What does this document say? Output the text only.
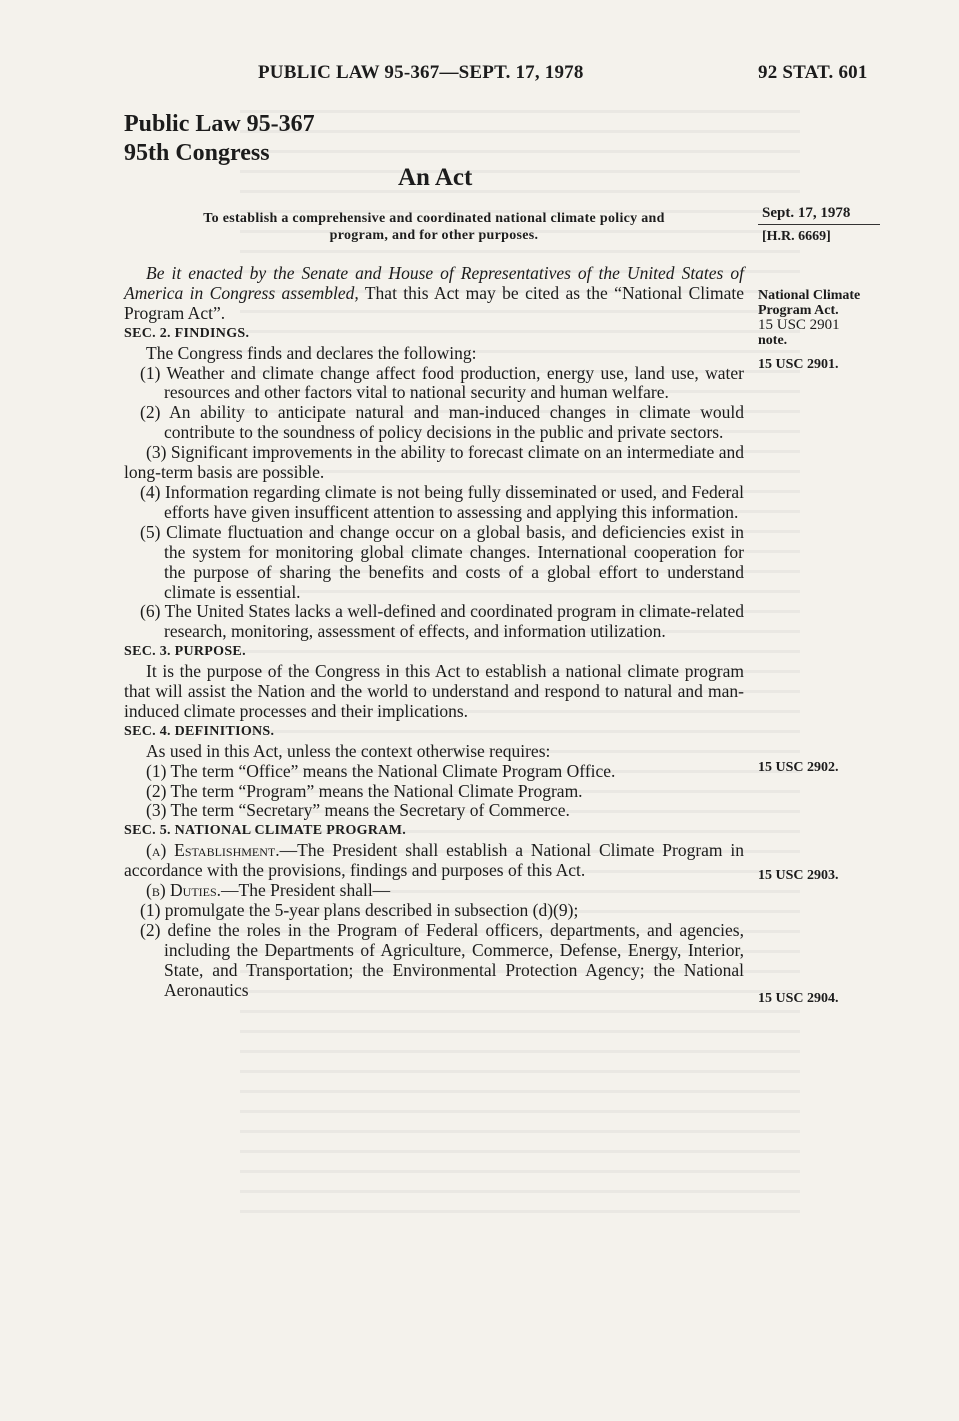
PUBLIC LAW 95-367—SEPT. 17, 1978	92 STAT. 601
Public Law 95-367
95th Congress
An Act
To establish a comprehensive and coordinated national climate policy and
program, and for other purposes.
Sept. 17, 1978
[H.R. 6669]
National Climate Program Act.
15 USC 2901
note.
15 USC 2901.
15 USC 2902.
15 USC 2903.
15 USC 2904.

Be it enacted by the Senate and House of Representatives of the United States of America in Congress assembled, That this Act may be cited as the “National Climate Program Act”.

SEC. 2. FINDINGS.

The Congress finds and declares the following:

(1) Weather and climate change affect food production, energy use, land use, water resources and other factors vital to national security and human welfare.

(2) An ability to anticipate natural and man-induced changes in climate would contribute to the soundness of policy decisions in the public and private sectors.

(3) Significant improvements in the ability to forecast climate on an intermediate and long-term basis are possible.

(4) Information regarding climate is not being fully disseminated or used, and Federal efforts have given insufficent attention to assessing and applying this information.

(5) Climate fluctuation and change occur on a global basis, and deficiencies exist in the system for monitoring global climate changes. International cooperation for the purpose of sharing the benefits and costs of a global effort to understand climate is essential.

(6) The United States lacks a well-defined and coordinated program in climate-related research, monitoring, assessment of effects, and information utilization.

SEC. 3. PURPOSE.

It is the purpose of the Congress in this Act to establish a national climate program that will assist the Nation and the world to understand and respond to natural and man-induced climate processes and their implications.

SEC. 4. DEFINITIONS.

As used in this Act, unless the context otherwise requires:

(1) The term “Office” means the National Climate Program Office.

(2) The term “Program” means the National Climate Program.

(3) The term “Secretary” means the Secretary of Commerce.

SEC. 5. NATIONAL CLIMATE PROGRAM.

(a) Establishment.—The President shall establish a National Climate Program in accordance with the provisions, findings and purposes of this Act.

(b) Duties.—The President shall—

(1) promulgate the 5-year plans described in subsection (d)(9);

(2) define the roles in the Program of Federal officers, departments, and agencies, including the Departments of Agriculture, Commerce, Defense, Energy, Interior, State, and Transportation; the Environmental Protection Agency; the National Aeronautics
